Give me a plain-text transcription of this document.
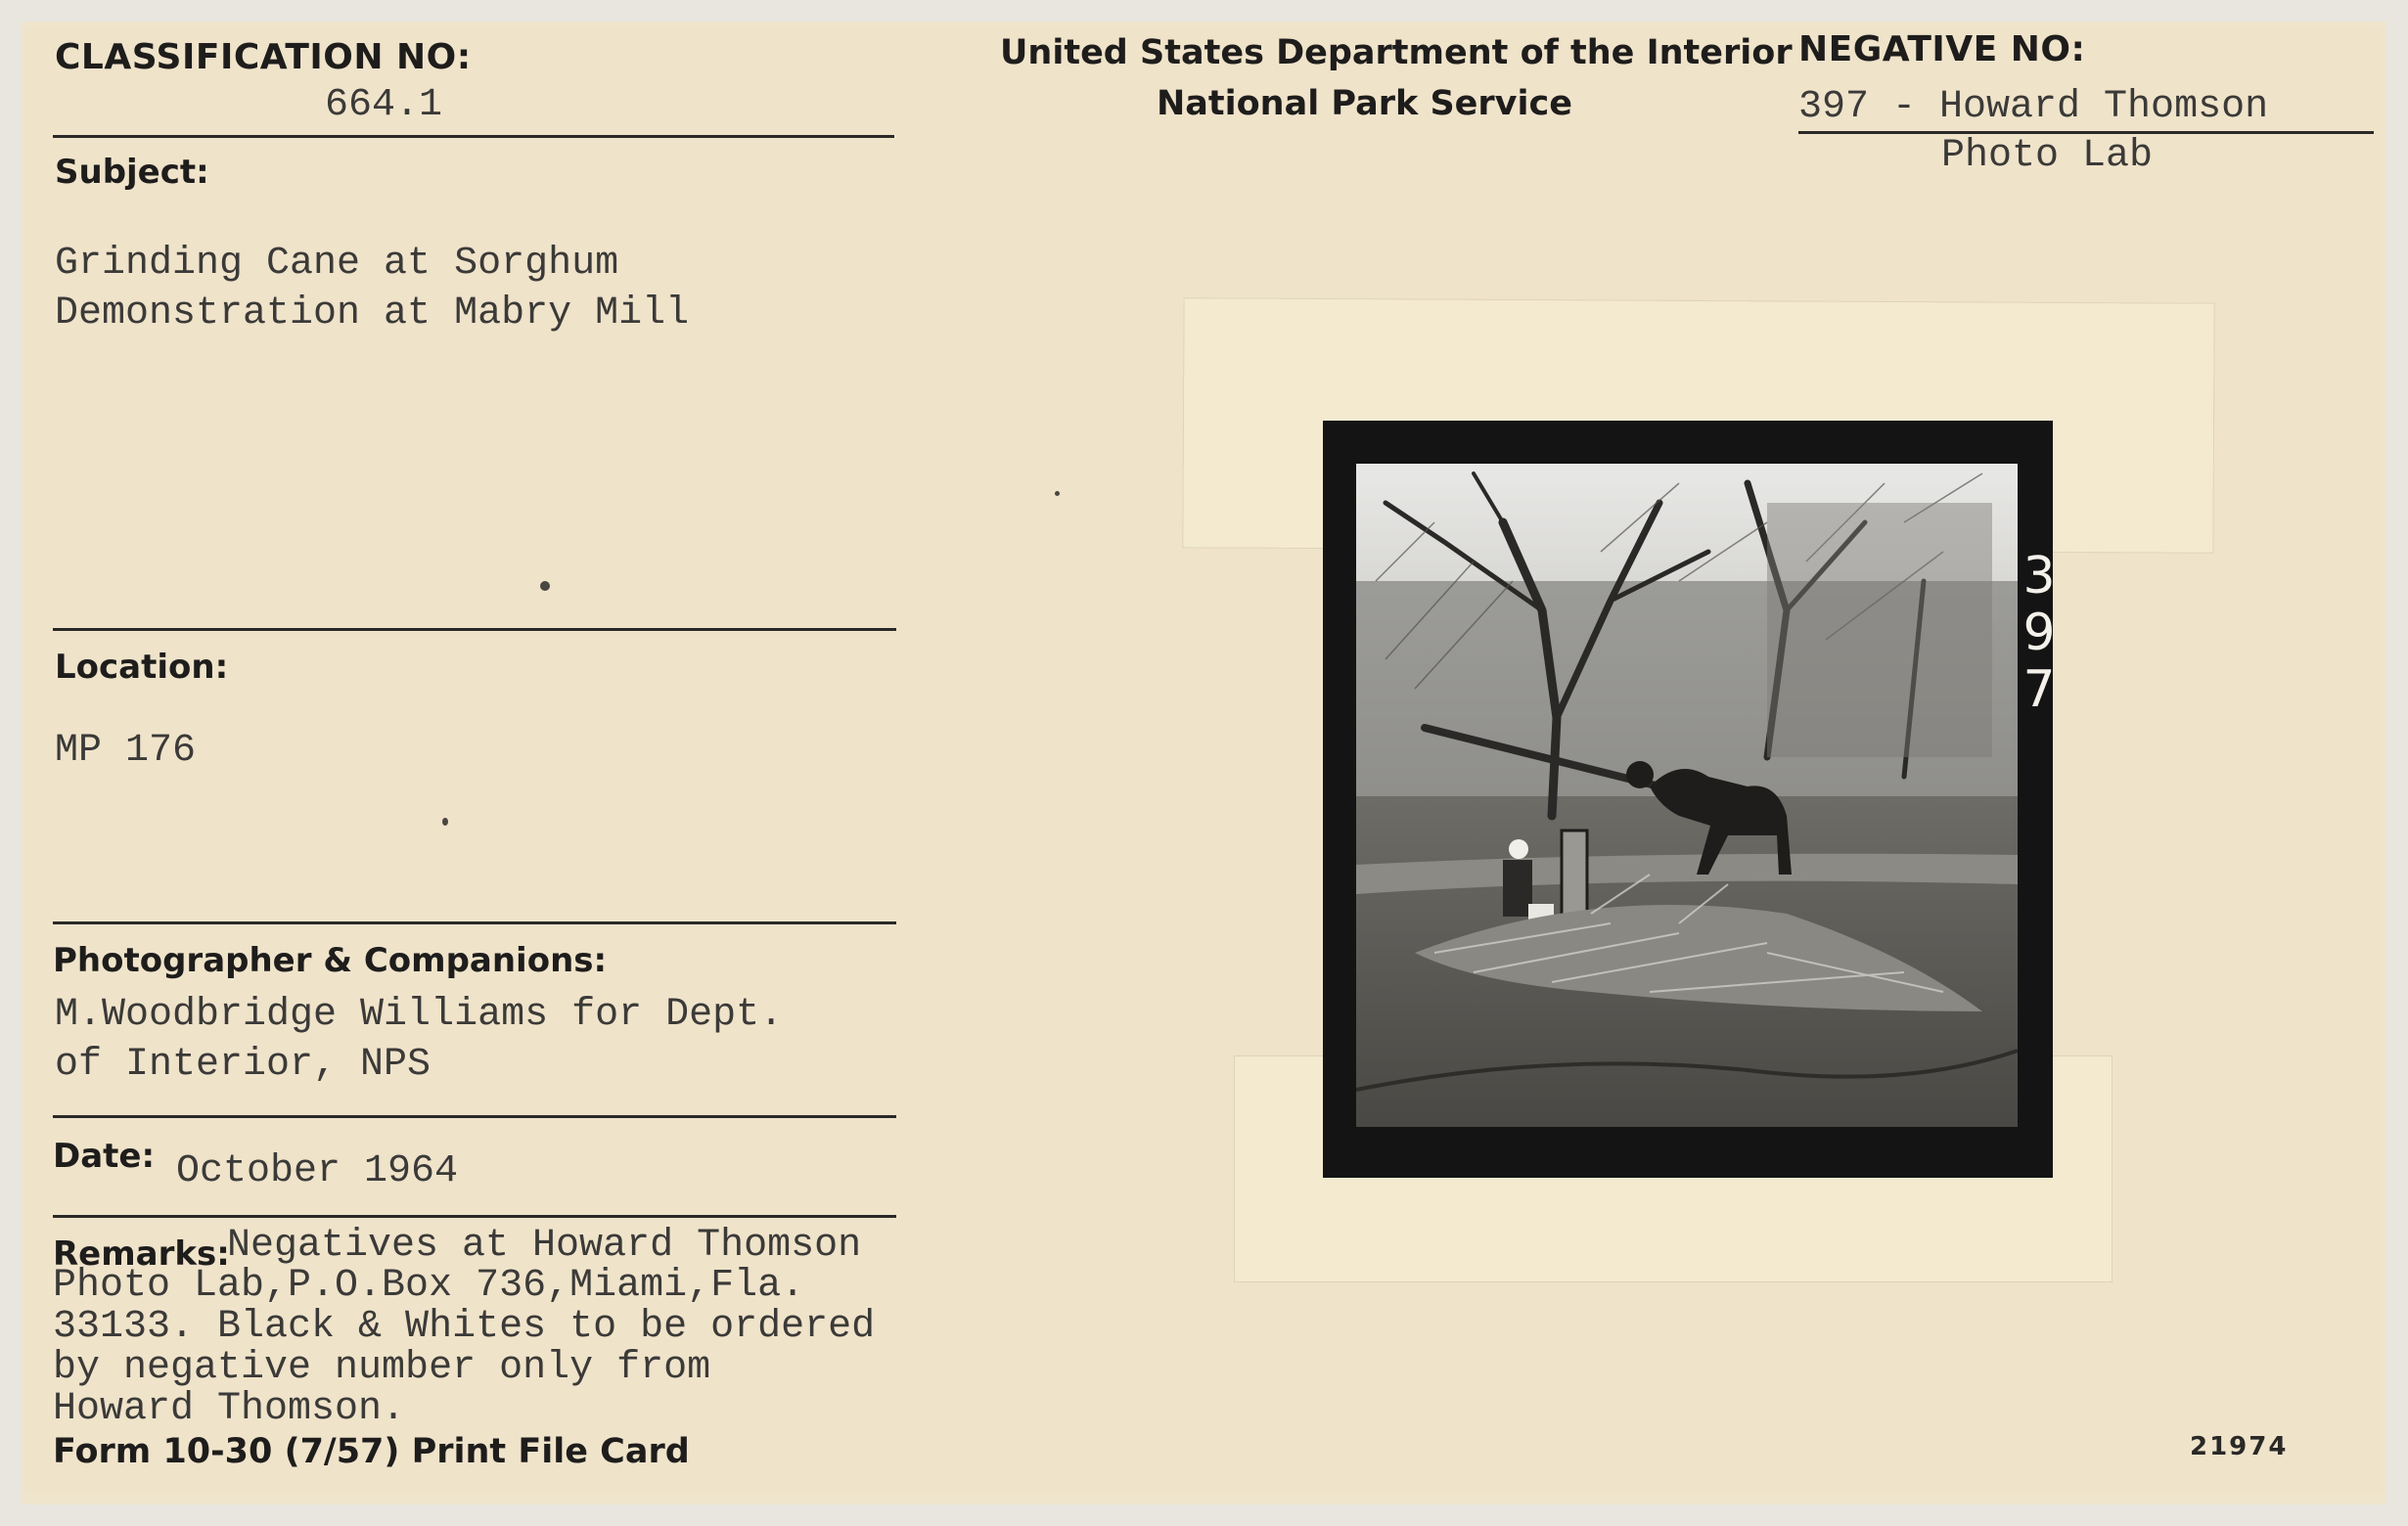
CLASSIFICATION NO:
664.1
Subject:
Grinding Cane at Sorghum
Demonstration at Mabry Mill
Location:
MP 176
Photographer & Companions:
M.Woodbridge Williams for Dept.
of Interior, NPS
Date: October 1964
Remarks:
Negatives at Howard Thomson
Photo Lab,P.O.Box 736,Miami,Fla.
33133. Black & Whites to be ordered
by negative number only from
Howard Thomson.
Form 10-30 (7/57) Print File Card
United States Department of the Interior
National Park Service
NEGATIVE NO:
397 - Howard Thomson
Photo Lab
21974
397
